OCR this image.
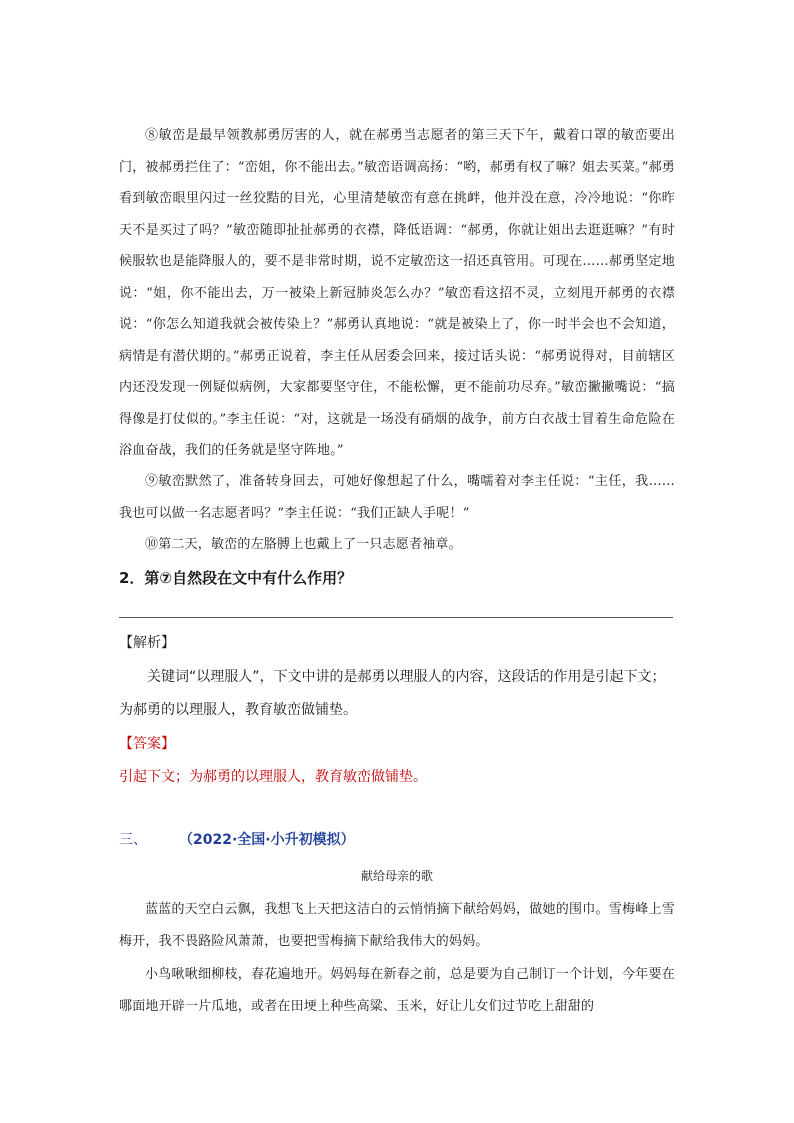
⑧敏峦是最早领教郝勇厉害的人，就在郝勇当志愿者的第三天下午，戴着口罩的敏峦要出门，被郝勇拦住了：“峦姐，你不能出去。”敏峦语调高扬：“哟，郝勇有权了嘛？姐去买菜。”郝勇看到敏峦眼里闪过一丝狡黠的目光，心里清楚敏峦有意在挑衅，他并没在意，冷冷地说：“你昨天不是买过了吗？”敏峦随即扯扯郝勇的衣襟，降低语调：“郝勇，你就让姐出去逛逛嘛？”有时候服软也是能降服人的，要不是非常时期，说不定敏峦这一招还真管用。可现在……郝勇坚定地说：“姐，你不能出去，万一被染上新冠肺炎怎么办？”敏峦看这招不灵，立刻甩开郝勇的衣襟说：“你怎么知道我就会被传染上？”郝勇认真地说：“就是被染上了，你一时半会也不会知道，病情是有潜伏期的。”郝勇正说着，李主任从居委会回来，接过话头说：“郝勇说得对，目前辖区内还没发现一例疑似病例，大家都要坚守住，不能松懈，更不能前功尽弃。”敏峦撇撇嘴说：“搞得像是打仗似的。”李主任说：“对，这就是一场没有硝烟的战争，前方白衣战士冒着生命危险在浴血奋战，我们的任务就是坚守阵地。”

⑨敏峦默然了，准备转身回去，可她好像想起了什么，嘴嚅着对李主任说：“主任，我……我也可以做一名志愿者吗？”李主任说：“我们正缺人手呢！”

⑩第二天，敏峦的左胳膊上也戴上了一只志愿者袖章。

2．第⑦自然段在文中有什么作用？
【解析】

关键词“以理服人”，下文中讲的是郝勇以理服人的内容，这段话的作用是引起下文；为郝勇的以理服人，教育敏峦做铺垫。

【答案】

引起下文；为郝勇的以理服人，教育敏峦做铺垫。

三、 （2022·全国·小升初模拟）
献给母亲的歌

蓝蓝的天空白云飘，我想飞上天把这洁白的云悄悄摘下献给妈妈，做她的围巾。雪梅峰上雪梅开，我不畏路险风萧萧，也要把雪梅摘下献给我伟大的妈妈。

小鸟啾啾细柳枝，春花遍地开。妈妈每在新春之前，总是要为自己制订一个计划，今年要在哪面地开辟一片瓜地，或者在田埂上种些高粱、玉米，好让儿女们过节吃上甜甜的
